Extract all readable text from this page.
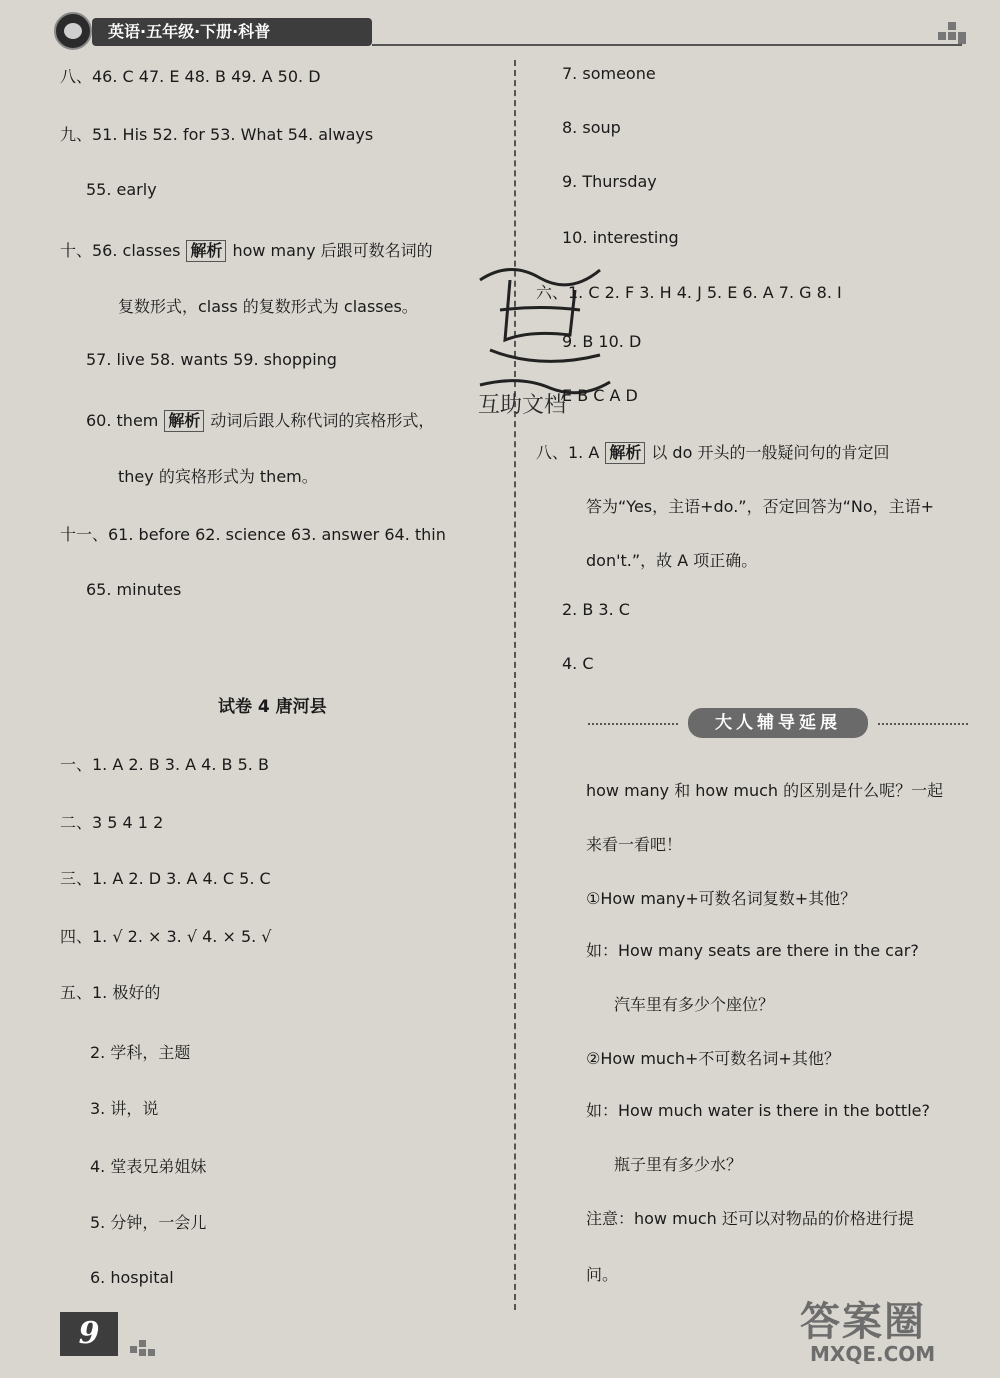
英语·五年级·下册·科普
八、46. C 47. E 48. B 49. A 50. D
九、51. His 52. for 53. What 54. always
55. early
十、56. classes 解析 how many 后跟可数名词的
复数形式，class 的复数形式为 classes。
57. live 58. wants 59. shopping
60. them 解析 动词后跟人称代词的宾格形式，
they 的宾格形式为 them。
十一、61. before 62. science 63. answer 64. thin
65. minutes
试卷 4 唐河县
一、1. A 2. B 3. A 4. B 5. B
二、3 5 4 1 2
三、1. A 2. D 3. A 4. C 5. C
四、1. √ 2. × 3. √ 4. × 5. √
五、1. 极好的
2. 学科，主题
3. 讲，说
4. 堂表兄弟姐妹
5. 分钟，一会儿
6. hospital
互助文档
7. someone
8. soup
9. Thursday
10. interesting
六、1. C 2. F 3. H 4. J 5. E 6. A 7. G 8. I
9. B 10. D
E B C A D
八、1. A 解析 以 do 开头的一般疑问句的肯定回
答为“Yes，主语+do.”，否定回答为“No，主语+
don't.”，故 A 项正确。
2. B 3. C
4. C
大人辅导延展
how many 和 how much 的区别是什么呢？一起
来看一看吧！
①How many+可数名词复数+其他？
如：How many seats are there in the car?
汽车里有多少个座位？
②How much+不可数名词+其他？
如：How much water is there in the bottle?
瓶子里有多少水？
注意：how much 还可以对物品的价格进行提
问。
9	答案圈
MXQE.COM
